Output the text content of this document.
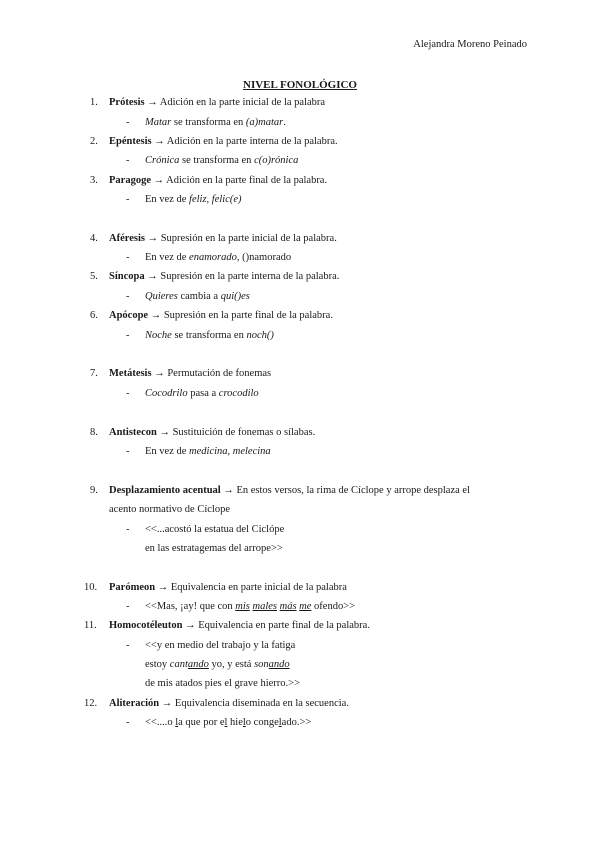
Alejandra Moreno Peinado
NIVEL FONOLÓGICO
1. Prótesis → Adición en la parte inicial de la palabra
- Matar se transforma en (a)matar.
2. Epéntesis → Adición en la parte interna de la palabra.
- Crónica se transforma en c(o)rónica
3. Paragoge → Adición en la parte final de la palabra.
- En vez de feliz, felic(e)
4. Aféresis → Supresión en la parte inicial de la palabra.
- En vez de enamorado, ()namorado
5. Síncopa → Supresión en la parte interna de la palabra.
- Quieres cambia a qui()es
6. Apócope → Supresión en la parte final de la palabra.
- Noche se transforma en noch()
7. Metátesis → Permutación de fonemas
- Cocodrilo pasa a crocodilo
8. Antistecon → Sustituición de fonemas o sílabas.
- En vez de medicina, melecina
9. Desplazamiento acentual → En estos versos, la rima de Cíclope y arrope desplaza el
acento normativo de Cíclope
- <<...acostó la estatua del Ciclópe
en las estratagemas del arrope>>
10. Parómeon → Equivalencia en parte inicial de la palabra
- <<Mas, ¡ay! que con mis males más me ofendo>>
11. Homocotéleuton → Equivalencia en parte final de la palabra.
- <<y en medio del trabajo y la fatiga
estoy cantando yo, y está sonando
de mis atados pies el grave hierro.>>
12. Aliteración → Equivalencia diseminada en la secuencia.
- <<....o la que por el hielo congelado.>>
